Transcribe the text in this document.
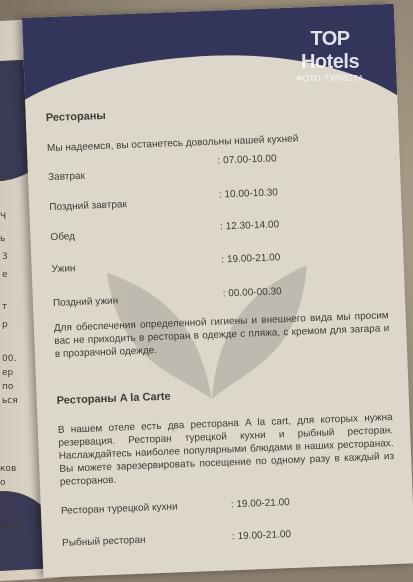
а
Ч
ь
3
е
т
р
00.
ер
по
ься
ков
о
учет
а с
сего

Рестораны

Мы надеемся, вы останетесь довольны нашей кухней

Завтрак
: 07.00-10.00
Поздний завтрак
: 10.00-10.30
Обед
: 12.30-14.00
Ужин
: 19.00-21.00
Поздний ужин
: 00.00-00.30

Для обеспечения определенной гигиены и внешнего вида мы просим вас не приходить в ресторан в одежде с пляжа, с кремом для загара и в прозрачной одежде.

Рестораны A la Carte

В нашем отеле есть два ресторана A la cart, для которых нужна резервация. Ресторан турецкой кухни и рыбный ресторан. Наслаждайтесь наиболее популярными блюдами в наших ресторанах. Вы можете зарезервировать посещение по одному разу в каждый из ресторанов.

Ресторан турецкой кухни	: 19.00-21.00
Рыбный ресторан	: 19.00-21.00
TOP Hotels
ФОТО ТУРИСТА
